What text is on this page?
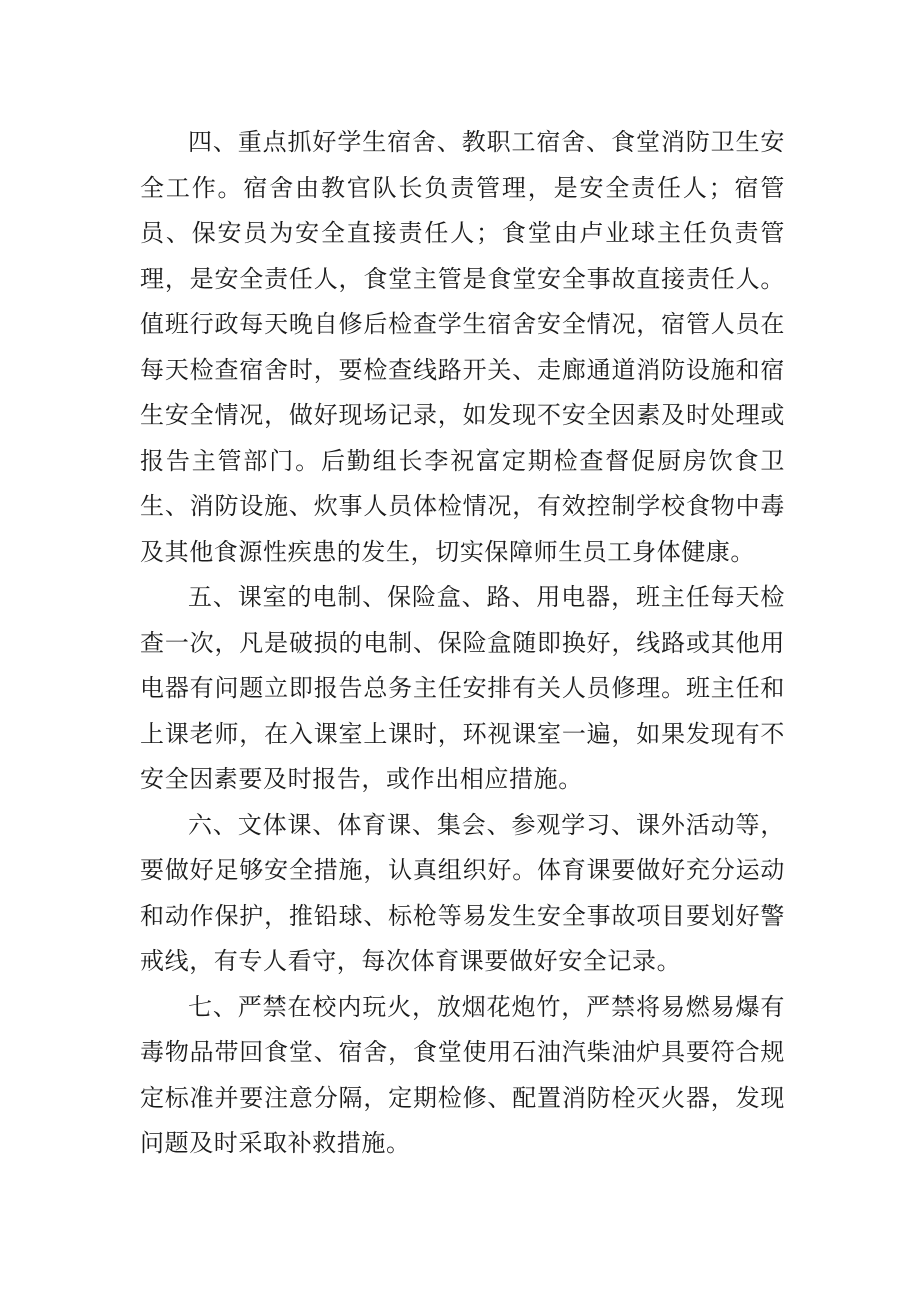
四、重点抓好学生宿舍、教职工宿舍、食堂消防卫生安全工作。宿舍由教官队长负责管理，是安全责任人；宿管员、保安员为安全直接责任人；食堂由卢业球主任负责管理，是安全责任人，食堂主管是食堂安全事故直接责任人。值班行政每天晚自修后检查学生宿舍安全情况，宿管人员在每天检查宿舍时，要检查线路开关、走廊通道消防设施和宿生安全情况，做好现场记录，如发现不安全因素及时处理或报告主管部门。后勤组长李祝富定期检查督促厨房饮食卫生、消防设施、炊事人员体检情况，有效控制学校食物中毒及其他食源性疾患的发生，切实保障师生员工身体健康。

五、课室的电制、保险盒、路、用电器，班主任每天检查一次，凡是破损的电制、保险盒随即换好，线路或其他用电器有问题立即报告总务主任安排有关人员修理。班主任和上课老师，在入课室上课时，环视课室一遍，如果发现有不安全因素要及时报告，或作出相应措施。

六、文体课、体育课、集会、参观学习、课外活动等，要做好足够安全措施，认真组织好。体育课要做好充分运动和动作保护，推铅球、标枪等易发生安全事故项目要划好警戒线，有专人看守，每次体育课要做好安全记录。

七、严禁在校内玩火，放烟花炮竹，严禁将易燃易爆有毒物品带回食堂、宿舍，食堂使用石油汽柴油炉具要符合规定标准并要注意分隔，定期检修、配置消防栓灭火器，发现问题及时采取补救措施。
